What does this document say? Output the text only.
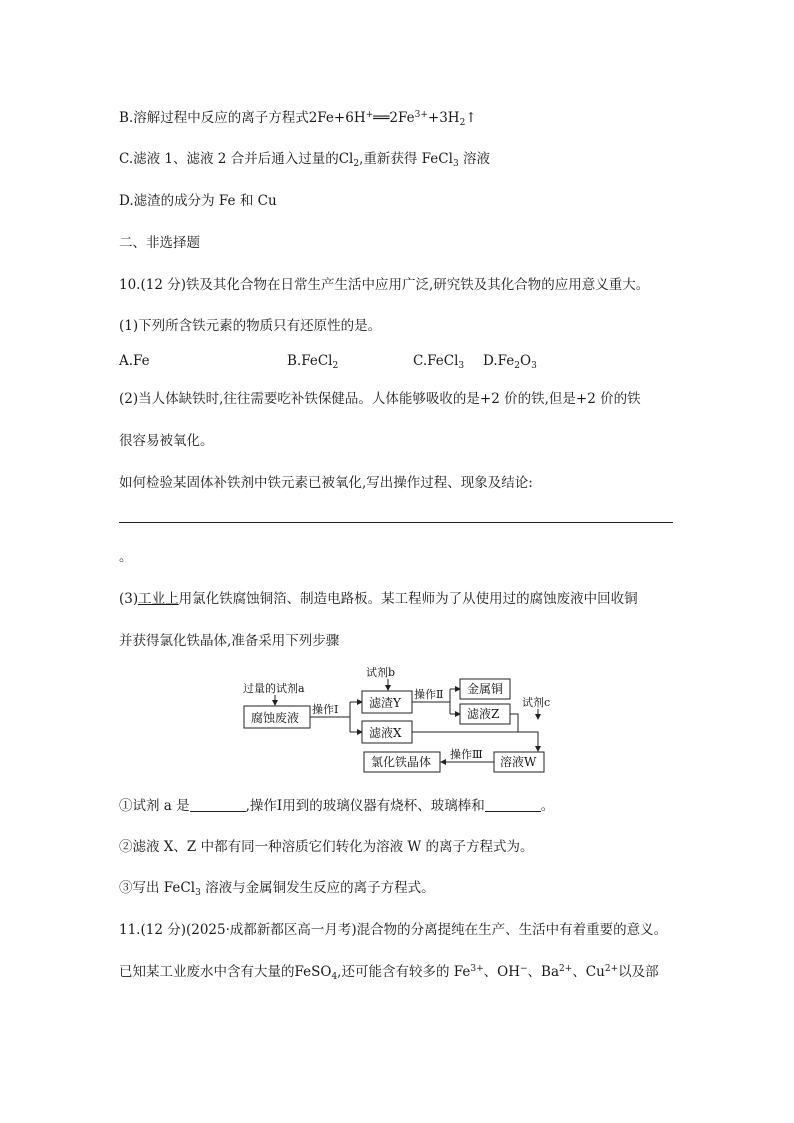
B.溶解过程中反应的离子方程式$2Fe+6H^+══2Fe^{3+}+3H_2↑$
C.滤液 1、滤液 2 合并后通入过量的$Cl_2$,重新获得 FeCl$_3$ 溶液
D.滤渣的成分为 Fe 和 Cu
二、非选择题
10.(12 分)铁及其化合物在日常生产生活中应用广泛,研究铁及其化合物的应用意义重大。
(1)下列所含铁元素的物质只有还原性的是。
A.Fe	B.FeCl$_2$	C.FeCl$_3$ $D.Fe_2O_3$
(2)当人体缺铁时,往往需要吃补铁保健品。人体能够吸收的是+2 价的铁,但是+2 价的铁
很容易被氧化。
如何检验某固体补铁剂中铁元素已被氧化,写出操作过程、现象及结论:
。
(3)工业上用氯化铁腐蚀铜箔、制造电路板。某工程师为了从使用过的腐蚀废液中回收铜
并获得氯化铁晶体,准备采用下列步骤
过量的试剂a
腐蚀废液
操作Ⅰ
试剂b
滤渣Y
滤液X
操作Ⅱ 金属铜
滤液Z
试剂c
溶液W
操作Ⅲ
氯化铁晶体
①试剂 a 是	,操作Ⅰ用到的玻璃仪器有烧杯、玻璃棒和	。
②滤液 X、Z 中都有同一种溶质它们转化为溶液 W 的离子方程式为。
③写出 FeCl$_3$ 溶液与金属铜发生反应的离子方程式。
11.(12 分)(2025·成都新都区高一月考)混合物的分离提纯在生产、生活中有着重要的意义。
已知某工业废水中含有大量的FeSO$_4$,还可能含有较多的 $Fe^{3+}$、OH−、$Ba^{2+}$、$Cu^{2+}$以及部
